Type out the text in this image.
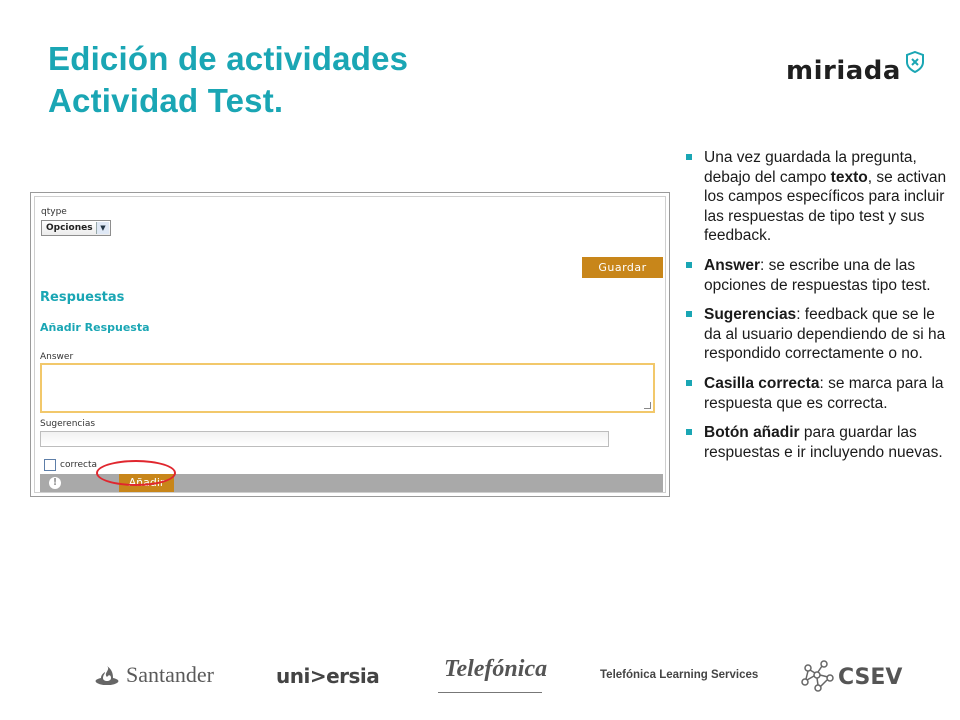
Edición de actividades
Actividad Test.
miriada
qtype
Opciones	▼
Guardar
Respuestas
Añadir Respuesta
Answer
Sugerencias
correcta
!	Añadir
Una vez guardada la pregunta, debajo del campo texto, se activan los campos específicos para incluir las respuestas de tipo test y sus feedback.
Answer: se escribe una de las opciones de respuestas tipo test.
Sugerencias: feedback que se le da al usuario dependiendo de si ha respondido correctamente o no.
Casilla correcta: se marca para la respuesta que es correcta.
Botón añadir para guardar las respuestas e ir incluyendo nuevas.
Santander	uni>ersia	Telefónica	Telefónica Learning Services	CSEV
